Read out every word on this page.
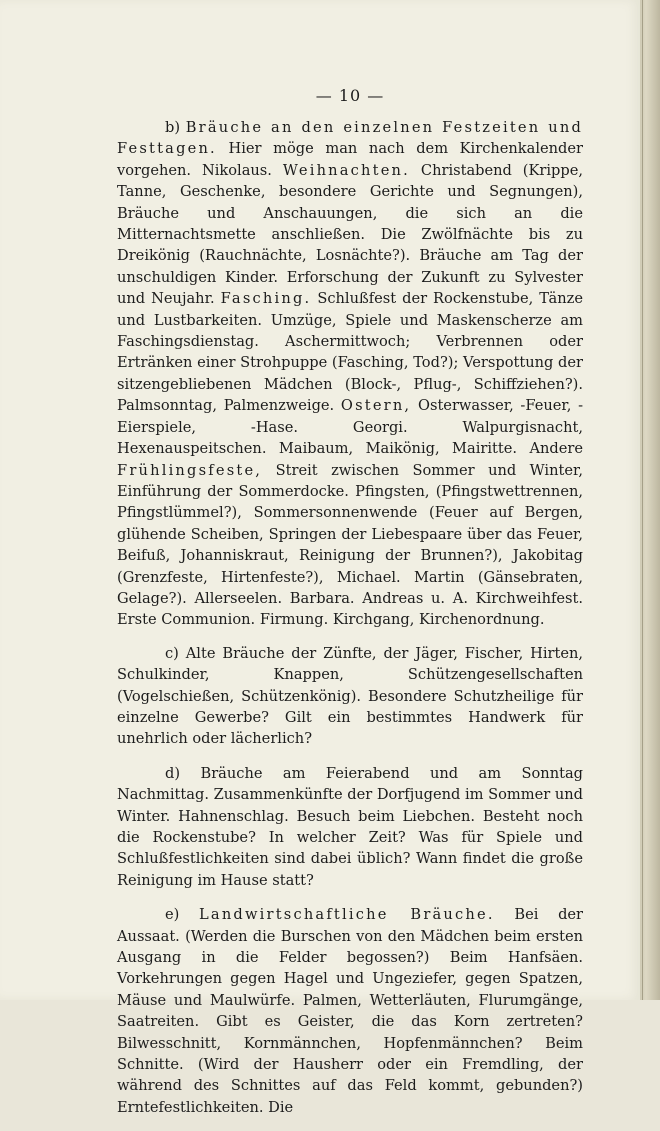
— 10 —

b) Bräuche an den einzelnen Festzeiten und Festtagen. Hier möge man nach dem Kirchenkalender vorgehen. Nikolaus. Weihnachten. Christabend (Krippe, Tanne, Geschenke, besondere Gerichte und Segnungen), Bräuche und Anschauungen, die sich an die Mitternachtsmette anschließen. Die Zwölfnächte bis zu Dreikönig (Rauchnächte, Losnächte?). Bräuche am Tag der unschuldigen Kinder. Erforschung der Zukunft zu Sylvester und Neujahr. Fasching. Schlußfest der Rockenstube, Tänze und Lustbarkeiten. Umzüge, Spiele und Maskenscherze am Faschingsdienstag. Aschermittwoch; Verbrennen oder Ertränken einer Strohpuppe (Fasching, Tod?); Verspottung der sitzengebliebenen Mädchen (Block-, Pflug-, Schiffziehen?). Palmsonntag, Palmenzweige. Ostern, Osterwasser, -Feuer, -Eierspiele, -Hase. Georgi. Walpurgisnacht, Hexenauspeitschen. Maibaum, Maikönig, Mairitte. Andere Frühlingsfeste, Streit zwischen Sommer und Winter, Einführung der Sommerdocke. Pfingsten, (Pfingstwettrennen, Pfingstlümmel?), Sommersonnenwende (Feuer auf Bergen, glühende Scheiben, Springen der Liebespaare über das Feuer, Beifuß, Johanniskraut, Reinigung der Brunnen?), Jakobitag (Grenzfeste, Hirtenfeste?), Michael. Martin (Gänsebraten, Gelage?). Allerseelen. Barbara. Andreas u. A. Kirchweihfest. Erste Communion. Firmung. Kirchgang, Kirchenordnung.

c) Alte Bräuche der Zünfte, der Jäger, Fischer, Hirten, Schulkinder, Knappen, Schützengesellschaften (Vogelschießen, Schützenkönig). Besondere Schutzheilige für einzelne Gewerbe? Gilt ein bestimmtes Handwerk für unehrlich oder lächerlich?

d) Bräuche am Feierabend und am Sonntag Nachmittag. Zusammenkünfte der Dorfjugend im Sommer und Winter. Hahnenschlag. Besuch beim Liebchen. Besteht noch die Rockenstube? In welcher Zeit? Was für Spiele und Schlußfestlichkeiten sind dabei üblich? Wann findet die große Reinigung im Hause statt?

e) Landwirtschaftliche Bräuche. Bei der Aussaat. (Werden die Burschen von den Mädchen beim ersten Ausgang in die Felder begossen?) Beim Hanfsäen. Vorkehrungen gegen Hagel und Ungeziefer, gegen Spatzen, Mäuse und Maulwürfe. Palmen, Wetterläuten, Flurumgänge, Saatreiten. Gibt es Geister, die das Korn zertreten? Bilwesschnitt, Kornmännchen, Hopfenmännchen? Beim Schnitte. (Wird der Hausherr oder ein Fremdling, der während des Schnittes auf das Feld kommt, gebunden?) Erntefestlichkeiten. Die
